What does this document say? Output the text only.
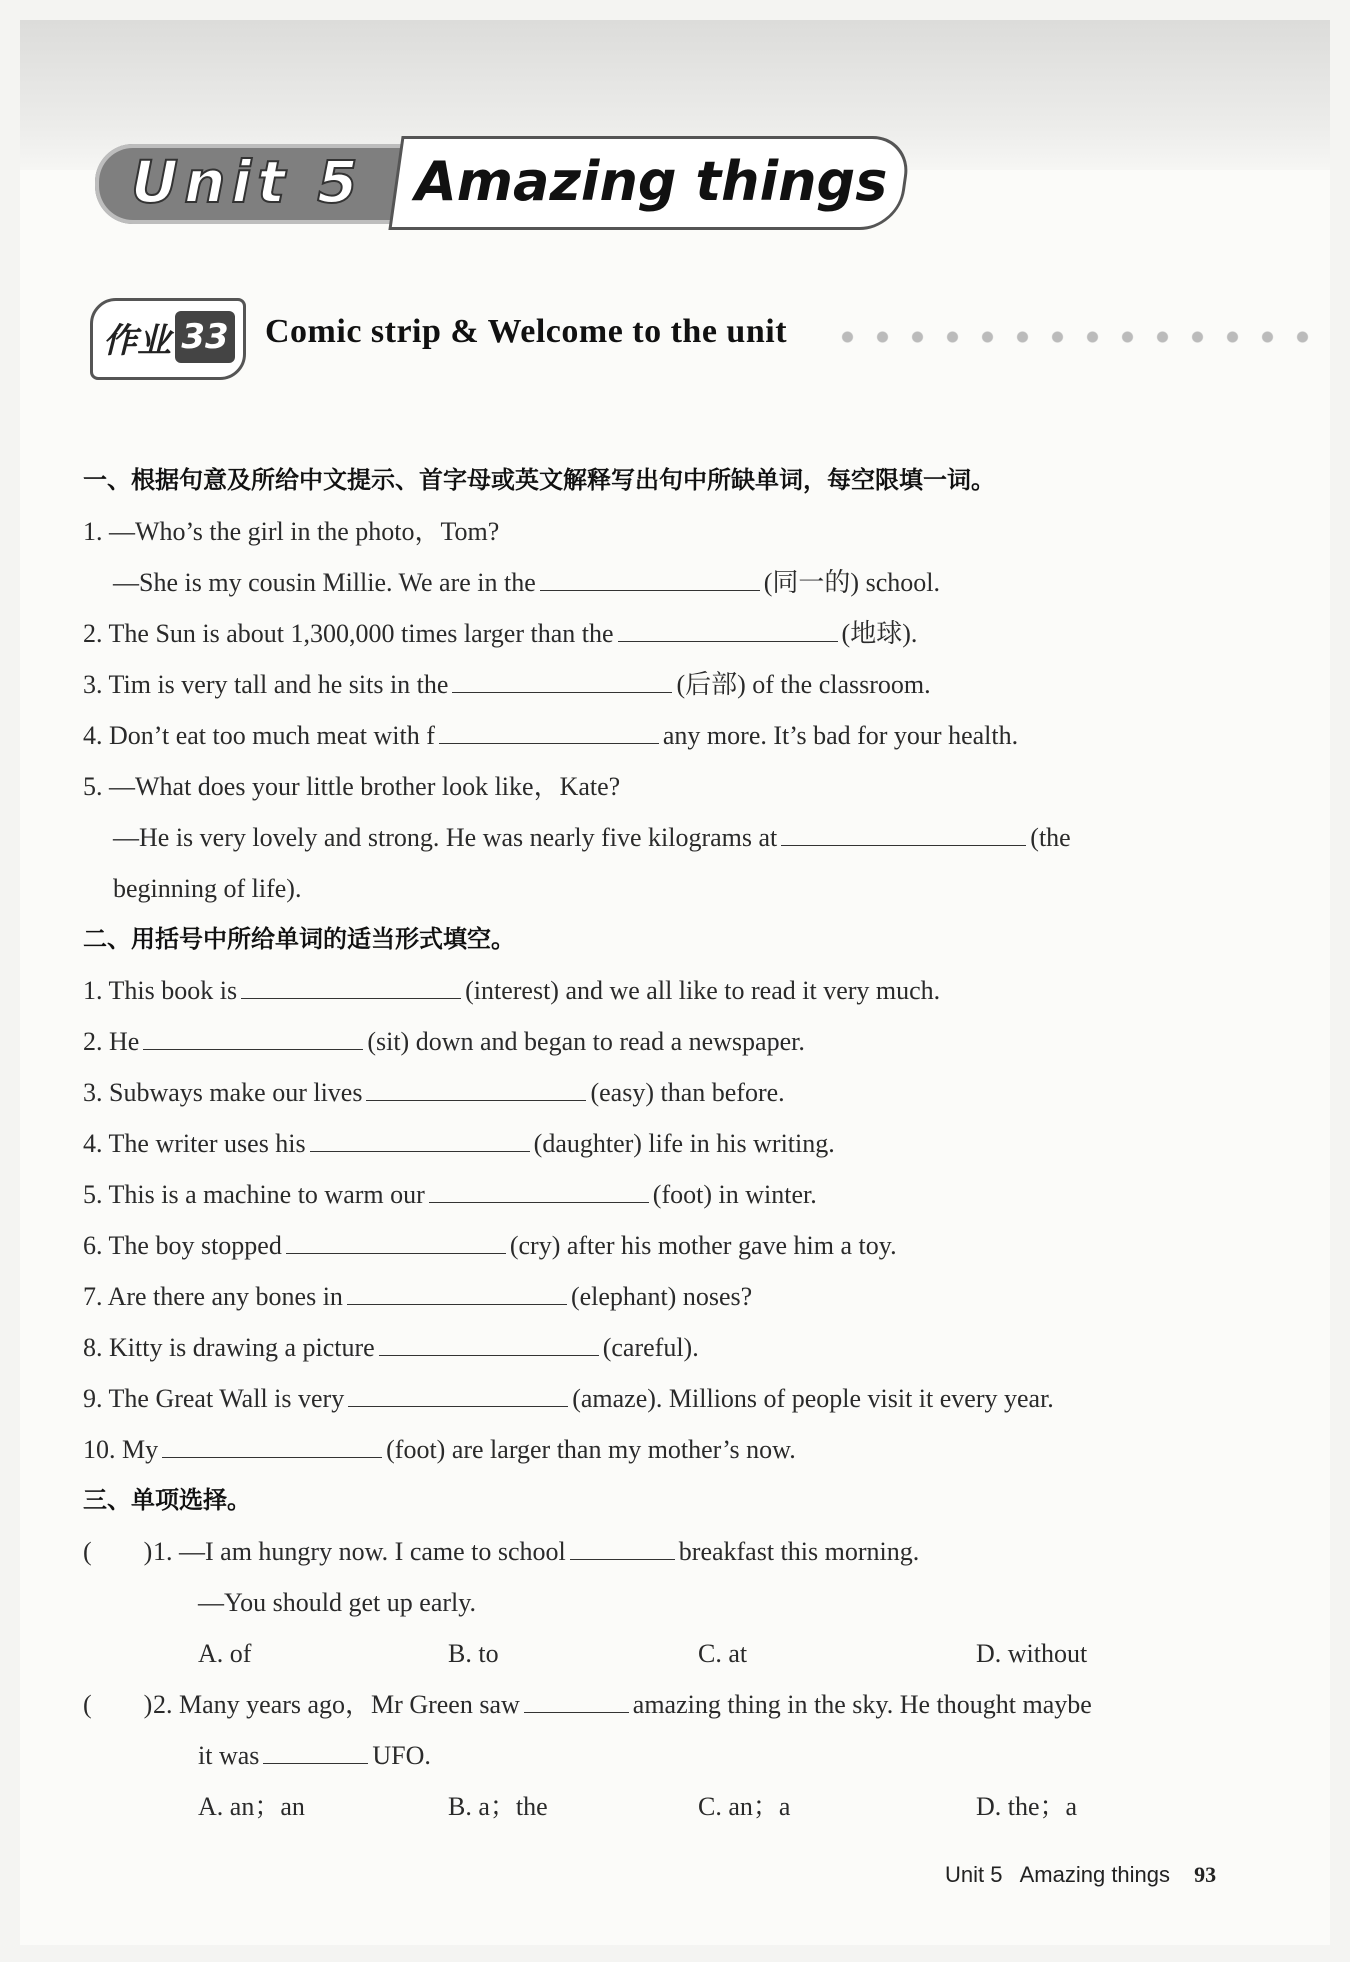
Unit 5 Amazing things
作业 33 Comic strip & Welcome to the unit
一、根据句意及所给中文提示、首字母或英文解释写出句中所缺单词，每空限填一词。
1. —Who’s the girl in the photo，Tom?
—She is my cousin Millie. We are in the	(同一的) school.
2. The Sun is about 1,300,000 times larger than the	(地球).
3. Tim is very tall and he sits in the	(后部) of the classroom.
4. Don’t eat too much meat with f	any more. It’s bad for your health.
5. —What does your little brother look like，Kate?
—He is very lovely and strong. He was nearly five kilograms at	(the
beginning of life).
二、用括号中所给单词的适当形式填空。
1. This book is	(interest) and we all like to read it very much.
2. He	(sit) down and began to read a newspaper.
3. Subways make our lives	(easy) than before.
4. The writer uses his	(daughter) life in his writing.
5. This is a machine to warm our	(foot) in winter.
6. The boy stopped	(cry) after his mother gave him a toy.
7. Are there any bones in	(elephant) noses?
8. Kitty is drawing a picture	(careful).
9. The Great Wall is very	(amaze). Millions of people visit it every year.
10. My	(foot) are larger than my mother’s now.
三、单项选择。
(　　)1. —I am hungry now. I came to school	breakfast this morning.
—You should get up early.
A. of	B. to	C. at	D. without
(　　)2. Many years ago，Mr Green saw	amazing thing in the sky. He thought maybe
it was	UFO.
A. an；an	B. a；the	C. an；a	D. the；a
Unit 5 Amazing things 93
